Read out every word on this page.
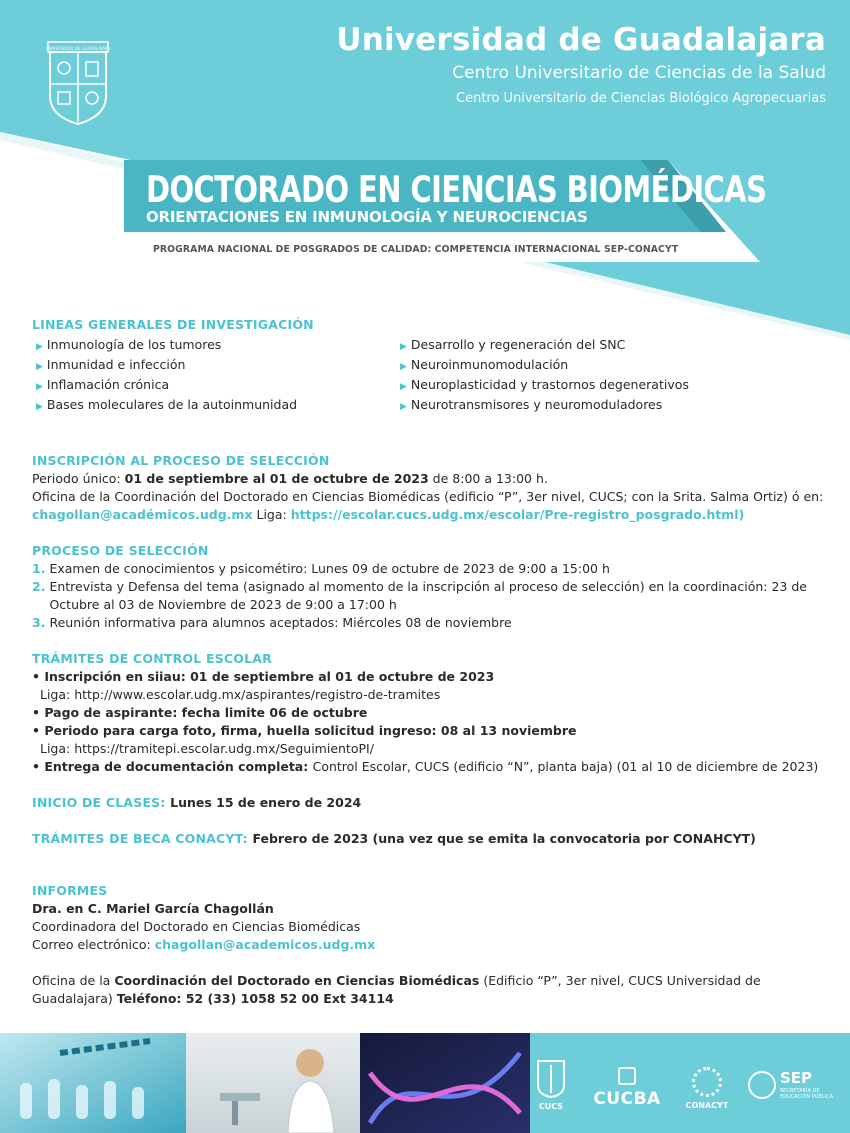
UNIVERSIDAD DE GUADALAJARA	Universidad de Guadalajara
Centro Universitario de Ciencias de la Salud
Centro Universitario de Ciencias Biológico Agropecuarias
DOCTORADO EN CIENCIAS BIOMÉDICAS
ORIENTACIONES EN INMUNOLOGÍA Y NEUROCIENCIAS
PROGRAMA NACIONAL DE POSGRADOS DE CALIDAD: COMPETENCIA INTERNACIONAL SEP-CONACYT
LINEAS GENERALES DE INVESTIGACIÓN
▶ Inmunología de los tumores
▶ Inmunidad e infección
▶ Inflamación crónica
▶ Bases moleculares de la autoinmunidad
▶ Desarrollo y regeneración del SNC
▶ Neuroinmunomodulación
▶ Neuroplasticidad y trastornos degenerativos
▶ Neurotransmisores y neuromoduladores
INSCRIPCIÓN AL PROCESO DE SELECCIÓN
Periodo único: 01 de septiembre al 01 de octubre de 2023 de 8:00 a 13:00 h.
Oficina de la Coordinación del Doctorado en Ciencias Biomédicas (edificio “P”, 3er nivel, CUCS; con la Srita. Salma Ortiz) ó en: chagollan@académicos.udg.mx Liga: https://escolar.cucs.udg.mx/escolar/Pre-registro_posgrado.html)
PROCESO DE SELECCIÓN
1. Examen de conocimientos y psicométiro: Lunes 09 de octubre de 2023 de 9:00 a 15:00 h
2. Entrevista y Defensa del tema (asignado al momento de la inscripción al proceso de selección) en la coordinación: 23 de Octubre al 03 de Noviembre de 2023 de 9:00 a 17:00 h
3. Reunión informativa para alumnos aceptados: Miércoles 08 de noviembre
TRÁMITES DE CONTROL ESCOLAR
• Inscripción en siiau: 01 de septiembre al 01 de octubre de 2023
Liga: http://www.escolar.udg.mx/aspirantes/registro-de-tramites
• Pago de aspirante: fecha limite 06 de octubre
• Periodo para carga foto, firma, huella solicitud ingreso: 08 al 13 noviembre
Liga: https://tramitepi.escolar.udg.mx/SeguimientoPI/
• Entrega de documentación completa: Control Escolar, CUCS (edificio “N”, planta baja) (01 al 10 de diciembre de 2023)
INICIO DE CLASES: Lunes 15 de enero de 2024
TRÁMITES DE BECA CONACYT: Febrero de 2023 (una vez que se emita la convocatoria por CONAHCYT)
INFORMES
Dra. en C. Mariel García Chagollán
Coordinadora del Doctorado en Ciencias Biomédicas
Correo electrónico: chagollan@academicos.udg.mx
Oficina de la Coordinación del Doctorado en Ciencias Biomédicas (Edificio “P”, 3er nivel, CUCS Universidad de Guadalajara) Teléfono: 52 (33) 1058 52 00 Ext 34114
CUCS CUCBA	CONACYT
SEP
SECRETARÍA DE
EDUCACIÓN PÚBLICA
